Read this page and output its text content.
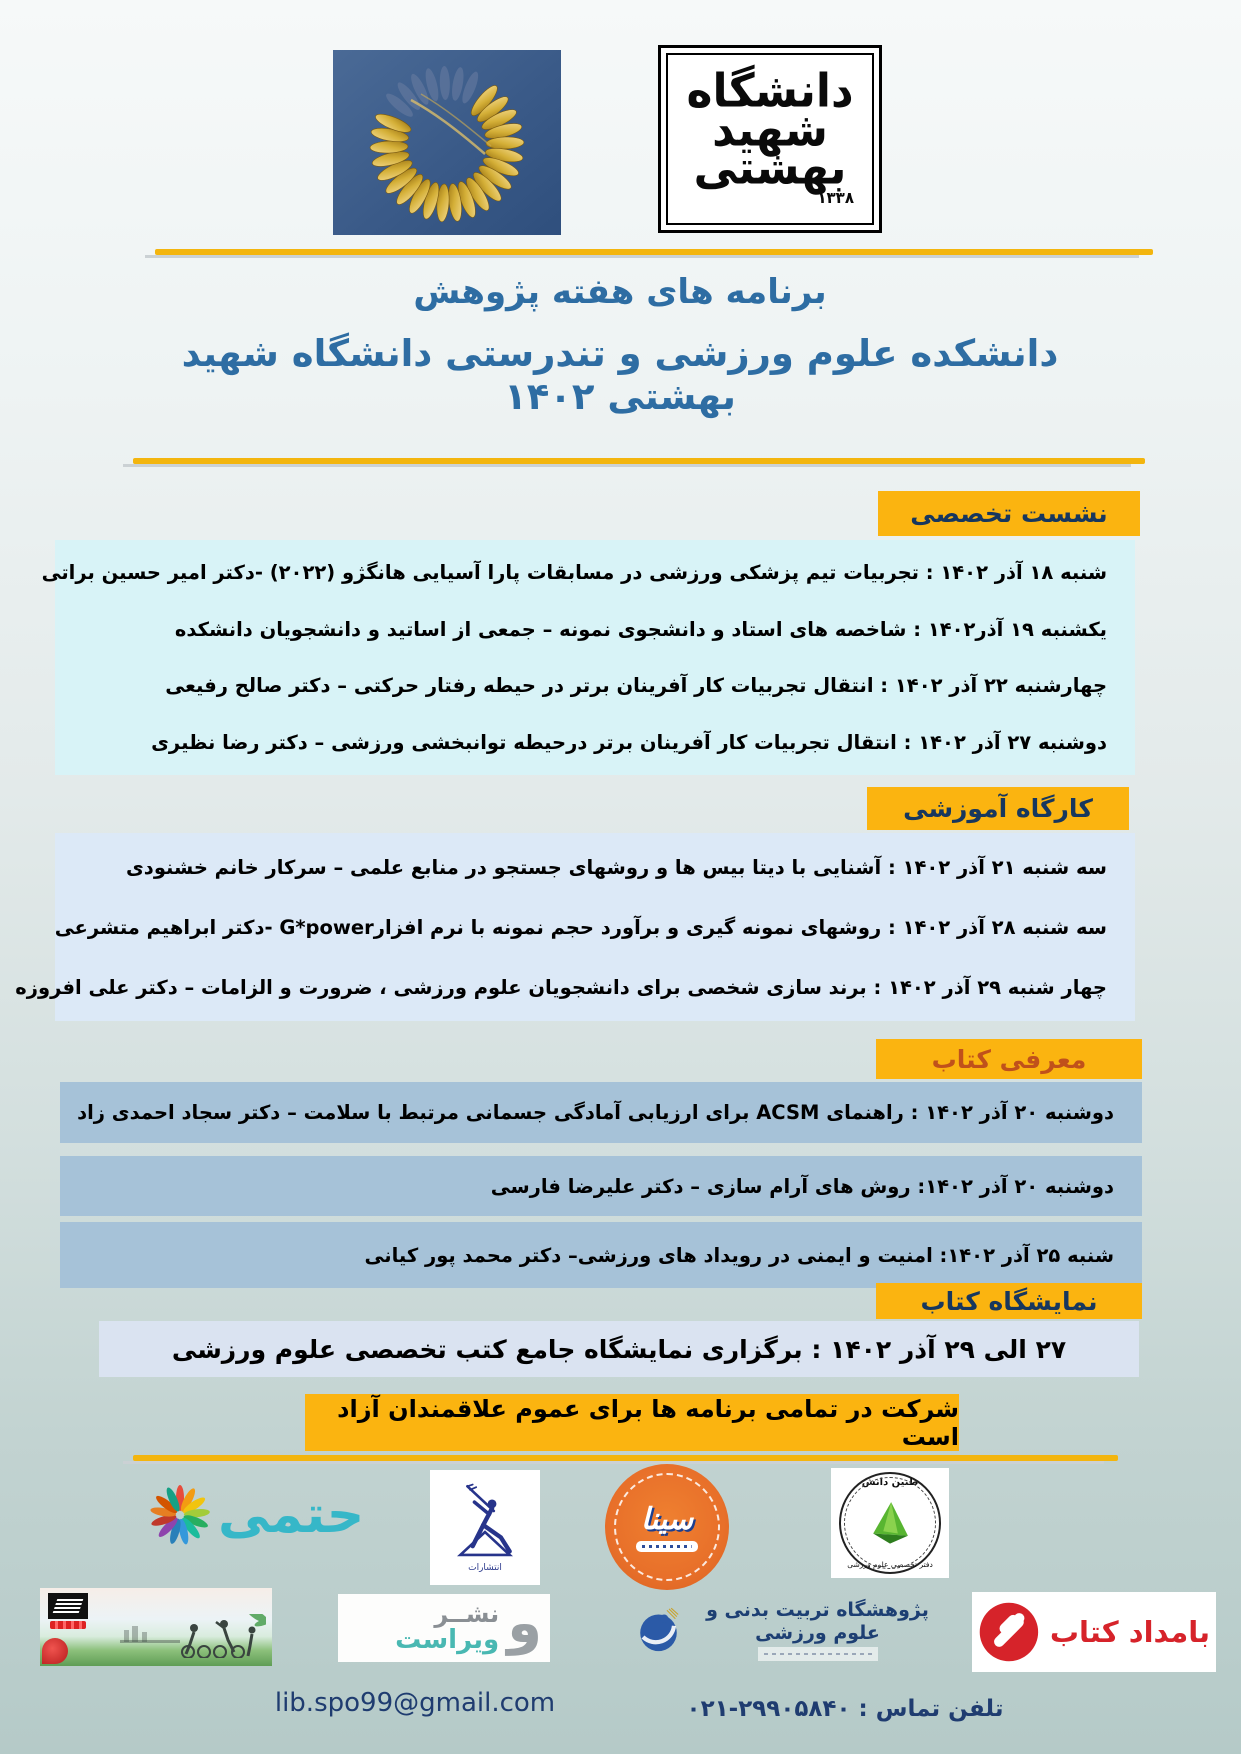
دانشگاه
شهید
بهشتی
۱۳۳۸
برنامه های هفته پژوهش
دانشکده علوم ورزشی و تندرستی دانشگاه شهید بهشتی ۱۴۰۲
نشست تخصصی
شنبه ۱۸ آذر ۱۴۰۲ : تجربیات تیم پزشکی ورزشی در مسابقات پارا آسیایی هانگژو (۲۰۲۲) -دکتر امیر حسین براتی
یکشنبه ۱۹ آذر۱۴۰۲ : شاخصه های استاد و دانشجوی نمونه – جمعی از اساتید و دانشجویان دانشکده
چهارشنبه ۲۲ آذر ۱۴۰۲ : انتقال تجربیات کار آفرینان برتر در حیطه رفتار حرکتی – دکتر صالح رفیعی
دوشنبه ۲۷ آذر ۱۴۰۲ : انتقال تجربیات کار آفرینان برتر درحیطه توانبخشی ورزشی – دکتر رضا نظیری
کارگاه آموزشی
سه شنبه ۲۱ آذر ۱۴۰۲ : آشنایی با دیتا بیس ها و روشهای جستجو در منابع علمی – سرکار خانم خشنودی
سه شنبه ۲۸ آذر ۱۴۰۲ : روشهای نمونه گیری و برآورد حجم نمونه با نرم افزارG*power -دکتر ابراهیم متشرعی
چهار شنبه ۲۹ آذر ۱۴۰۲ : برند سازی شخصی برای دانشجویان علوم ورزشی ، ضرورت و الزامات – دکتر علی افروزه
معرفی کتاب
دوشنبه ۲۰ آذر ۱۴۰۲ : راهنمای ACSM برای ارزیابی آمادگی جسمانی مرتبط با سلامت – دکتر سجاد احمدی زاد
دوشنبه ۲۰ آذر ۱۴۰۲: روش های آرام سازی – دکتر علیرضا فارسی
شنبه ۲۵ آذر ۱۴۰۲: امنیت و ایمنی در رویداد های ورزشی– دکتر محمد پور کیانی
نمایشگاه کتاب
۲۷ الی ۲۹ آذر ۱۴۰۲ : برگزاری نمایشگاه جامع کتب تخصصی علوم ورزشی
شرکت در تمامی برنامه ها برای عموم علاقمندان آزاد است
حتمی
انتشارات
سینا
طنین دانش
دفتر تخصصی علوم ورزشی
نشــر
ویراست و	پژوهشگاه تربیت بدنی و علوم ورزشی	بامداد کتاب
lib.spo99@gmail.com	تلفن تماس : ۰۲۱-۲۹۹۰۵۸۴۰
